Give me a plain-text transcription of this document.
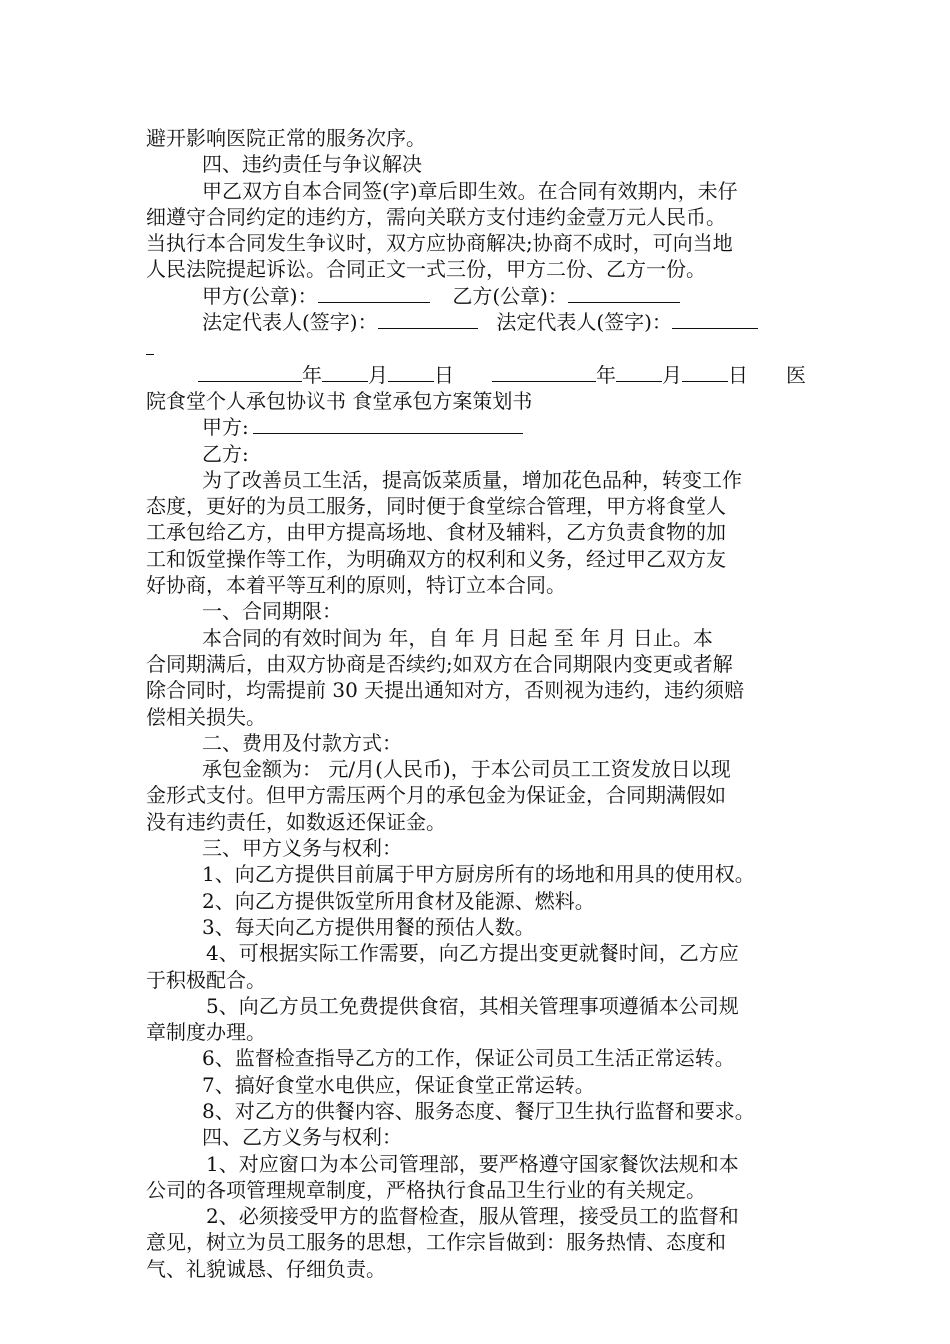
避开影响医院正常的服务次序。
四、违约责任与争议解决
甲乙双方自本合同签(字)章后即生效。在合同有效期内，未仔
细遵守合同约定的违约方，需向关联方支付违约金壹万元人民币。
当执行本合同发生争议时，双方应协商解决;协商不成时，可向当地
人民法院提起诉讼。合同正文一式三份，甲方二份、乙方一份。
甲方(公章)：	乙方(公章)：
法定代表人(签字)：	法定代表人(签字)：
年 月 日	年 月 日 医
院食堂个人承包协议书 食堂承包方案策划书
甲方:
乙方:
为了改善员工生活，提高饭菜质量，增加花色品种，转变工作
态度，更好的为员工服务，同时便于食堂综合管理，甲方将食堂人
工承包给乙方，由甲方提高场地、食材及辅料，乙方负责食物的加
工和饭堂操作等工作，为明确双方的权利和义务，经过甲乙双方友
好协商，本着平等互利的原则，特订立本合同。
一、合同期限：
本合同的有效时间为 年，自 年 月 日起 至 年 月 日止。本
合同期满后，由双方协商是否续约;如双方在合同期限内变更或者解
除合同时，均需提前 30 天提出通知对方，否则视为违约，违约须赔
偿相关损失。
二、费用及付款方式：
承包金额为： 元/月(人民币)，于本公司员工工资发放日以现
金形式支付。但甲方需压两个月的承包金为保证金，合同期满假如
没有违约责任，如数返还保证金。
三、甲方义务与权利：
1、向乙方提供目前属于甲方厨房所有的场地和用具的使用权。
2、向乙方提供饭堂所用食材及能源、燃料。
3、每天向乙方提供用餐的预估人数。
4、可根据实际工作需要，向乙方提出变更就餐时间，乙方应
于积极配合。
5、向乙方员工免费提供食宿，其相关管理事项遵循本公司规
章制度办理。
6、监督检查指导乙方的工作，保证公司员工生活正常运转。
7、搞好食堂水电供应，保证食堂正常运转。
8、对乙方的供餐内容、服务态度、餐厅卫生执行监督和要求。
四、乙方义务与权利：
1、对应窗口为本公司管理部，要严格遵守国家餐饮法规和本
公司的各项管理规章制度，严格执行食品卫生行业的有关规定。
2、必须接受甲方的监督检查，服从管理，接受员工的监督和
意见，树立为员工服务的思想，工作宗旨做到：服务热情、态度和
气、礼貌诚恳、仔细负责。
